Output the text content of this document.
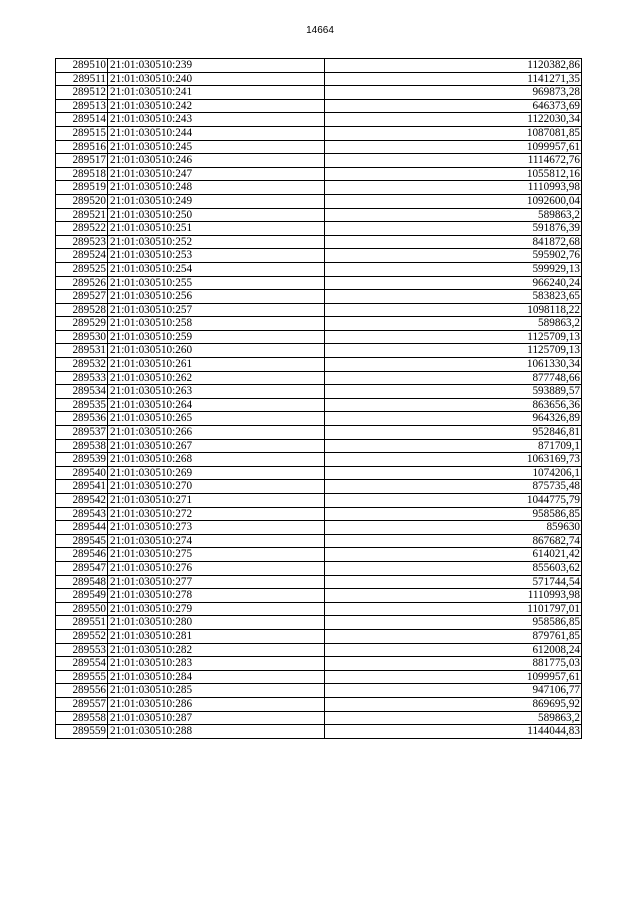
14664
289510	21:01:030510:239	1120382,86
289511	21:01:030510:240	1141271,35
289512	21:01:030510:241	969873,28
289513	21:01:030510:242	646373,69
289514	21:01:030510:243	1122030,34
289515	21:01:030510:244	1087081,85
289516	21:01:030510:245	1099957,61
289517	21:01:030510:246	1114672,76
289518	21:01:030510:247	1055812,16
289519	21:01:030510:248	1110993,98
289520	21:01:030510:249	1092600,04
289521	21:01:030510:250	589863,2
289522	21:01:030510:251	591876,39
289523	21:01:030510:252	841872,68
289524	21:01:030510:253	595902,76
289525	21:01:030510:254	599929,13
289526	21:01:030510:255	966240,24
289527	21:01:030510:256	583823,65
289528	21:01:030510:257	1098118,22
289529	21:01:030510:258	589863,2
289530	21:01:030510:259	1125709,13
289531	21:01:030510:260	1125709,13
289532	21:01:030510:261	1061330,34
289533	21:01:030510:262	877748,66
289534	21:01:030510:263	593889,57
289535	21:01:030510:264	863656,36
289536	21:01:030510:265	964326,89
289537	21:01:030510:266	952846,81
289538	21:01:030510:267	871709,1
289539	21:01:030510:268	1063169,73
289540	21:01:030510:269	1074206,1
289541	21:01:030510:270	875735,48
289542	21:01:030510:271	1044775,79
289543	21:01:030510:272	958586,85
289544	21:01:030510:273	859630
289545	21:01:030510:274	867682,74
289546	21:01:030510:275	614021,42
289547	21:01:030510:276	855603,62
289548	21:01:030510:277	571744,54
289549	21:01:030510:278	1110993,98
289550	21:01:030510:279	1101797,01
289551	21:01:030510:280	958586,85
289552	21:01:030510:281	879761,85
289553	21:01:030510:282	612008,24
289554	21:01:030510:283	881775,03
289555	21:01:030510:284	1099957,61
289556	21:01:030510:285	947106,77
289557	21:01:030510:286	869695,92
289558	21:01:030510:287	589863,2
289559	21:01:030510:288	1144044,83
